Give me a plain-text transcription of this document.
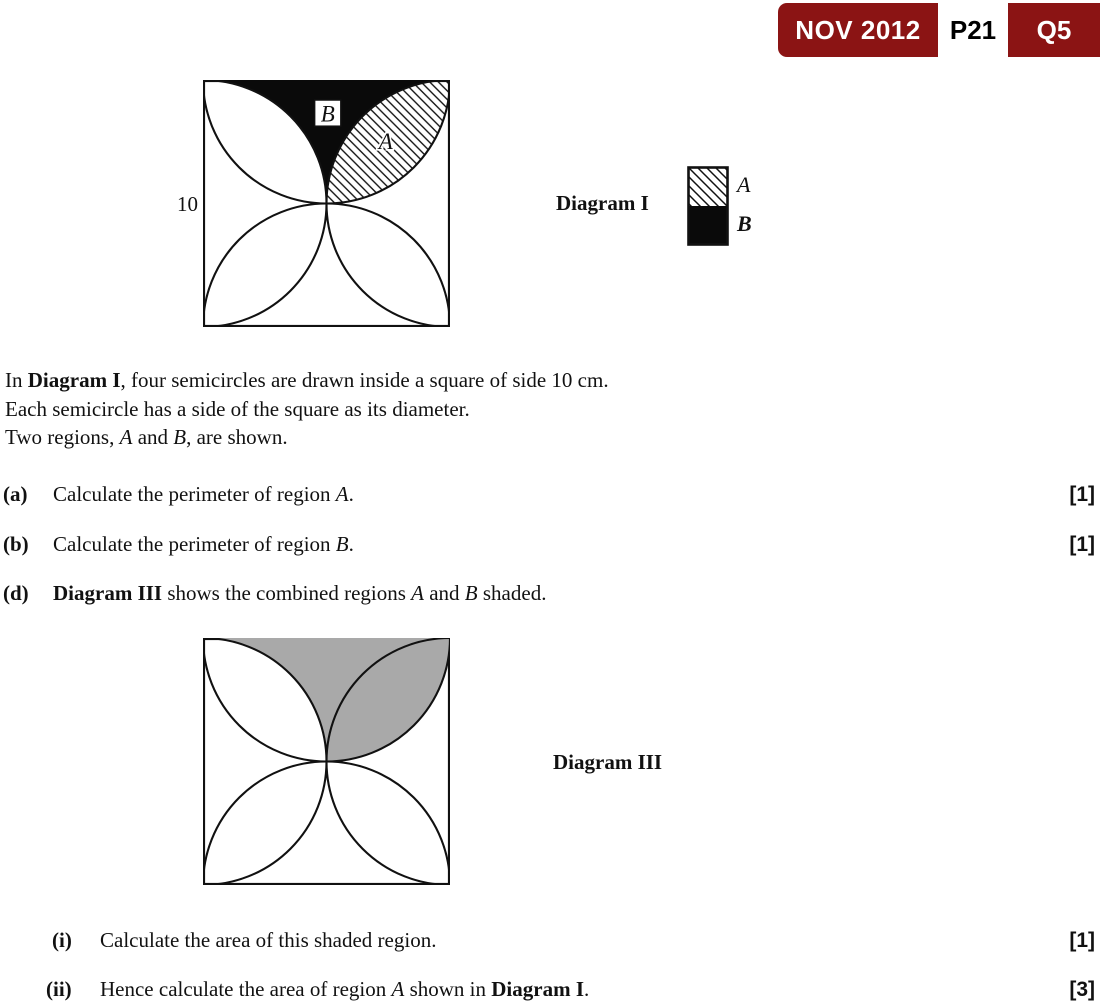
NOV 2012	P21	Q5
10
B
A
Diagram I
A
B
In Diagram I, four semicircles are drawn inside a square of side 10 cm.
Each semicircle has a side of the square as its diameter.
Two regions, A and B, are shown.
(a) Calculate the perimeter of region A.	[1]
(b) Calculate the perimeter of region B.	[1]
(d) Diagram III shows the combined regions A and B shaded.
Diagram III
(i) Calculate the area of this shaded region.	[1]
(ii) Hence calculate the area of region A shown in Diagram I.	[3]
